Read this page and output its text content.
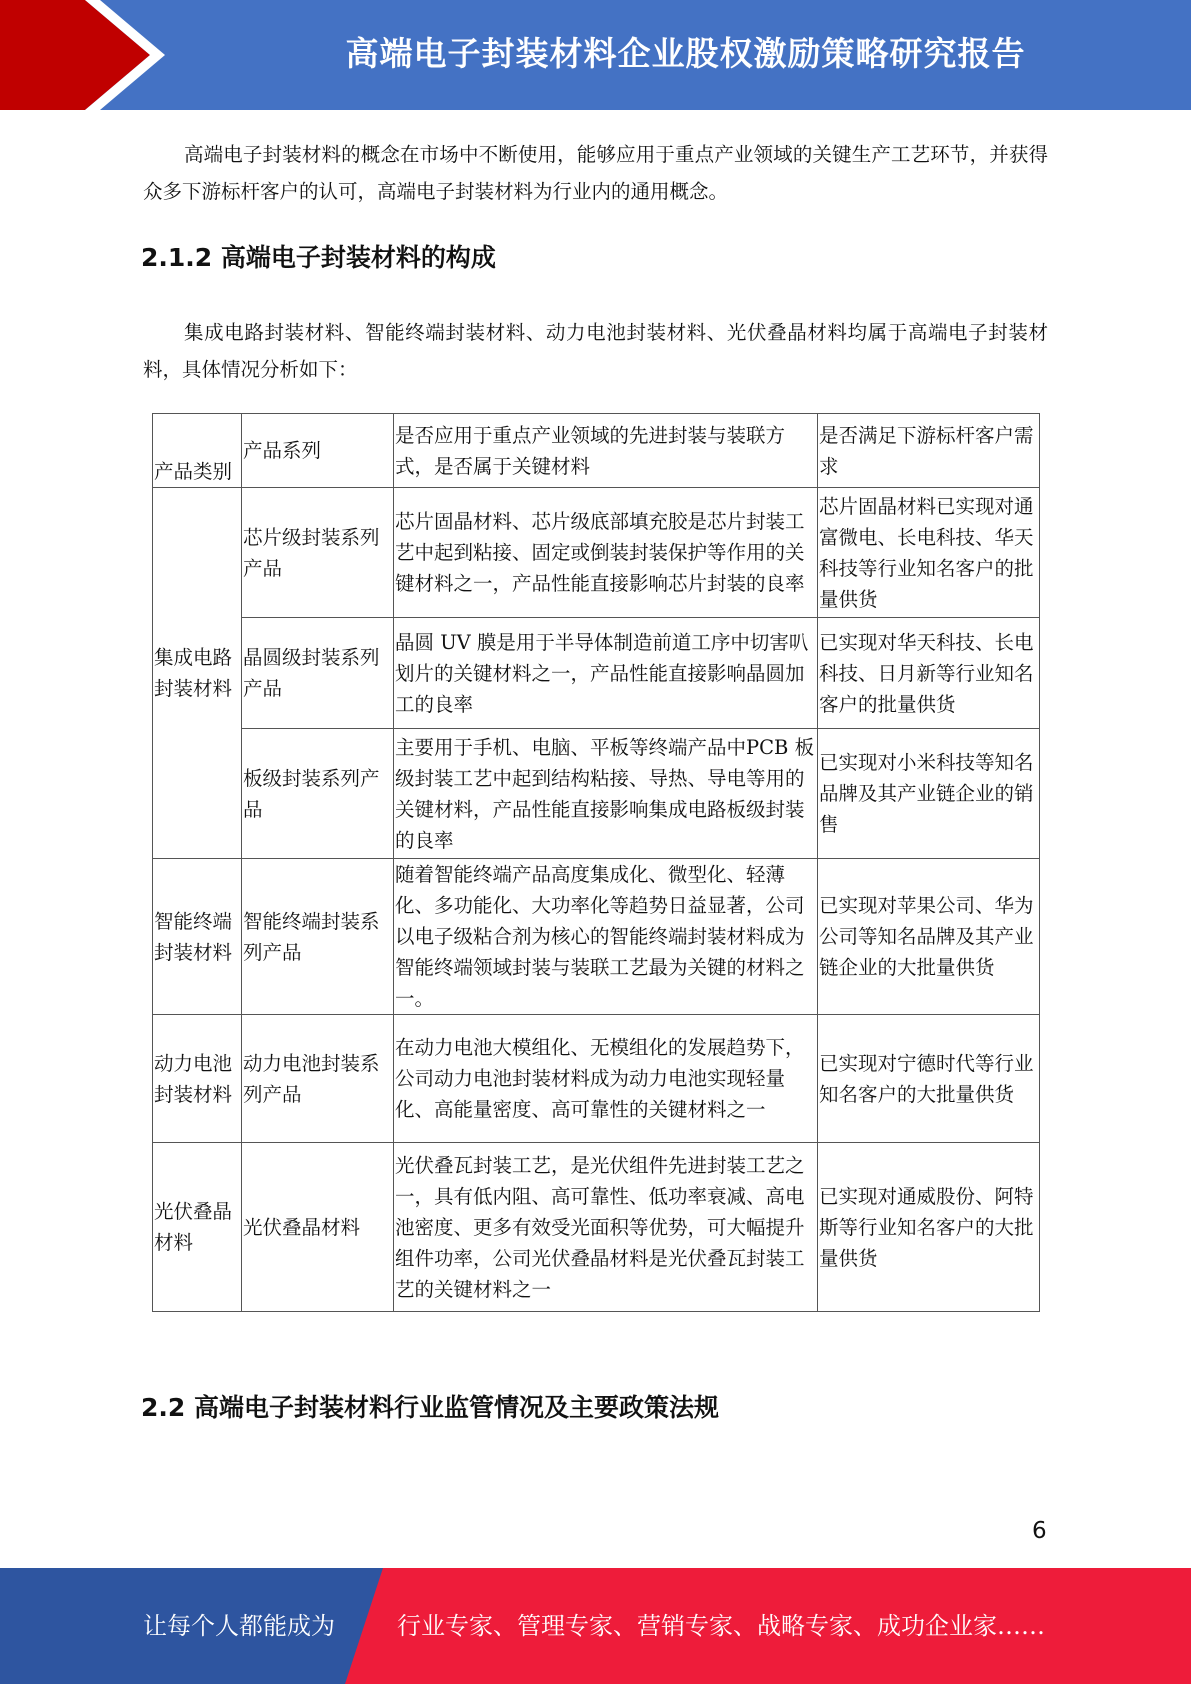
高端电子封装材料企业股权激励策略研究报告

高端电子封装材料的概念在市场中不断使用，能够应用于重点产业领域的关键生产工艺环节，并获得众多下游标杆客户的认可，高端电子封装材料为行业内的通用概念。

2.1.2 高端电子封装材料的构成

集成电路封装材料、智能终端封装材料、动力电池封装材料、光伏叠晶材料均属于高端电子封装材料，具体情况分析如下：

产品类别	产品系列	是否应用于重点产业领域的先进封装与装联方式，是否属于关键材料	是否满足下游标杆客户需求
集成电路封装材料	芯片级封装系列产品	芯片固晶材料、芯片级底部填充胶是芯片封装工艺中起到粘接、固定或倒装封装保护等作用的关键材料之一，产品性能直接影响芯片封装的良率	芯片固晶材料已实现对通富微电、长电科技、华天科技等行业知名客户的批量供货
	晶圆级封装系列产品	晶圆 UV 膜是用于半导体制造前道工序中切害叭划片的关键材料之一，产品性能直接影响晶圆加工的良率	已实现对华天科技、长电科技、日月新等行业知名客户的批量供货
	板级封装系列产品	主要用于手机、电脑、平板等终端产品中PCB 板级封装工艺中起到结构粘接、导热、导电等用的关键材料，产品性能直接影响集成电路板级封装的良率	已实现对小米科技等知名品牌及其产业链企业的销售
智能终端封装材料	智能终端封装系列产品	随着智能终端产品高度集成化、微型化、轻薄化、多功能化、大功率化等趋势日益显著，公司以电子级粘合剂为核心的智能终端封装材料成为智能终端领域封装与装联工艺最为关键的材料之一。	已实现对苹果公司、华为公司等知名品牌及其产业链企业的大批量供货
动力电池封装材料	动力电池封装系列产品	在动力电池大模组化、无模组化的发展趋势下，公司动力电池封装材料成为动力电池实现轻量化、高能量密度、高可靠性的关键材料之一	已实现对宁德时代等行业知名客户的大批量供货
光伏叠晶材料	光伏叠晶材料	光伏叠瓦封装工艺，是光伏组件先进封装工艺之一，具有低内阻、高可靠性、低功率衰减、高电池密度、更多有效受光面积等优势，可大幅提升组件功率，公司光伏叠晶材料是光伏叠瓦封装工艺的关键材料之一	已实现对通威股份、阿特斯等行业知名客户的大批量供货
2.2 高端电子封装材料行业监管情况及主要政策法规
6
让每个人都能成为	行业专家、管理专家、营销专家、战略专家、成功企业家……
